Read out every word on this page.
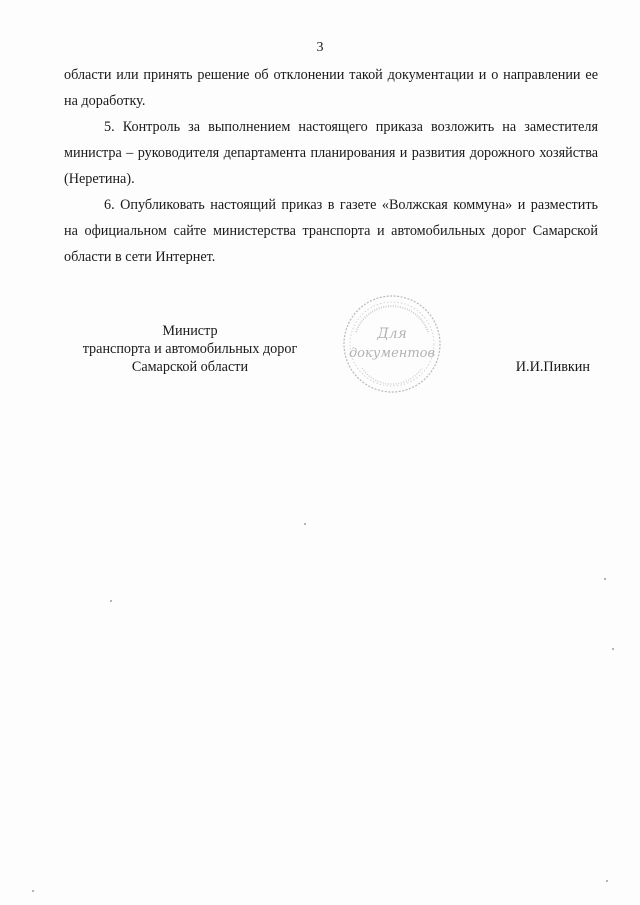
3

области или принять решение об отклонении такой документации и о направлении ее на доработку.

5. Контроль за выполнением настоящего приказа возложить на заместителя министра – руководителя департамента планирования и развития дорожного хозяйства (Неретина).

6. Опубликовать настоящий приказ в газете «Волжская коммуна» и разместить на официальном сайте министерства транспорта и автомобильных дорог Самарской области в сети Интернет.

Министр
транспорта и автомобильных дорог
Самарской области	И.И.Пивкин
Для
документов
